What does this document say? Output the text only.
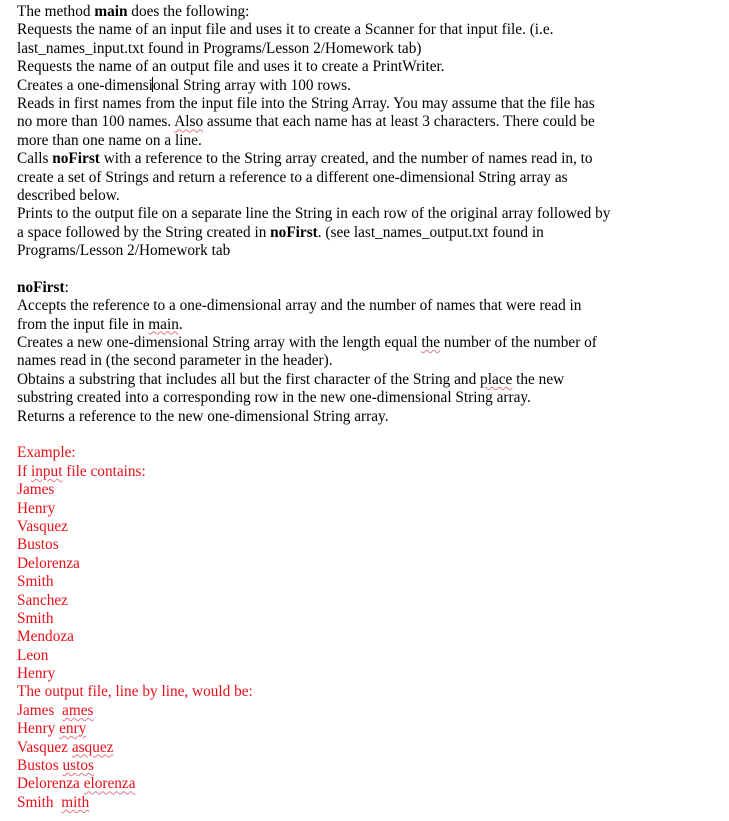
The method main does the following:
Requests the name of an input file and uses it to create a Scanner for that input file. (i.e.
last_names_input.txt found in Programs/Lesson 2/Homework tab)
Requests the name of an output file and uses it to create a PrintWriter.
Creates a one-dimensional String array with 100 rows.
Reads in first names from the input file into the String Array. You may assume that the file has
no more than 100 names. Also assume that each name has at least 3 characters. There could be
more than one name on a line.
Calls noFirst with a reference to the String array created, and the number of names read in, to
create a set of Strings and return a reference to a different one-dimensional String array as
described below.
Prints to the output file on a separate line the String in each row of the original array followed by
a space followed by the String created in noFirst. (see last_names_output.txt found in
Programs/Lesson 2/Homework tab
noFirst:
Accepts the reference to a one-dimensional array and the number of names that were read in
from the input file in main.
Creates a new one-dimensional String array with the length equal the number of the number of
names read in (the second parameter in the header).
Obtains a substring that includes all but the first character of the String and place the new
substring created into a corresponding row in the new one-dimensional String array.
Returns a reference to the new one-dimensional String array.
Example:
If input file contains:
James
Henry
Vasquez
Bustos
Delorenza
Smith
Sanchez
Smith
Mendoza
Leon
Henry
The output file, line by line, would be:
James ames
Henry enry
Vasquez asquez
Bustos ustos
Delorenza elorenza
Smith mith
